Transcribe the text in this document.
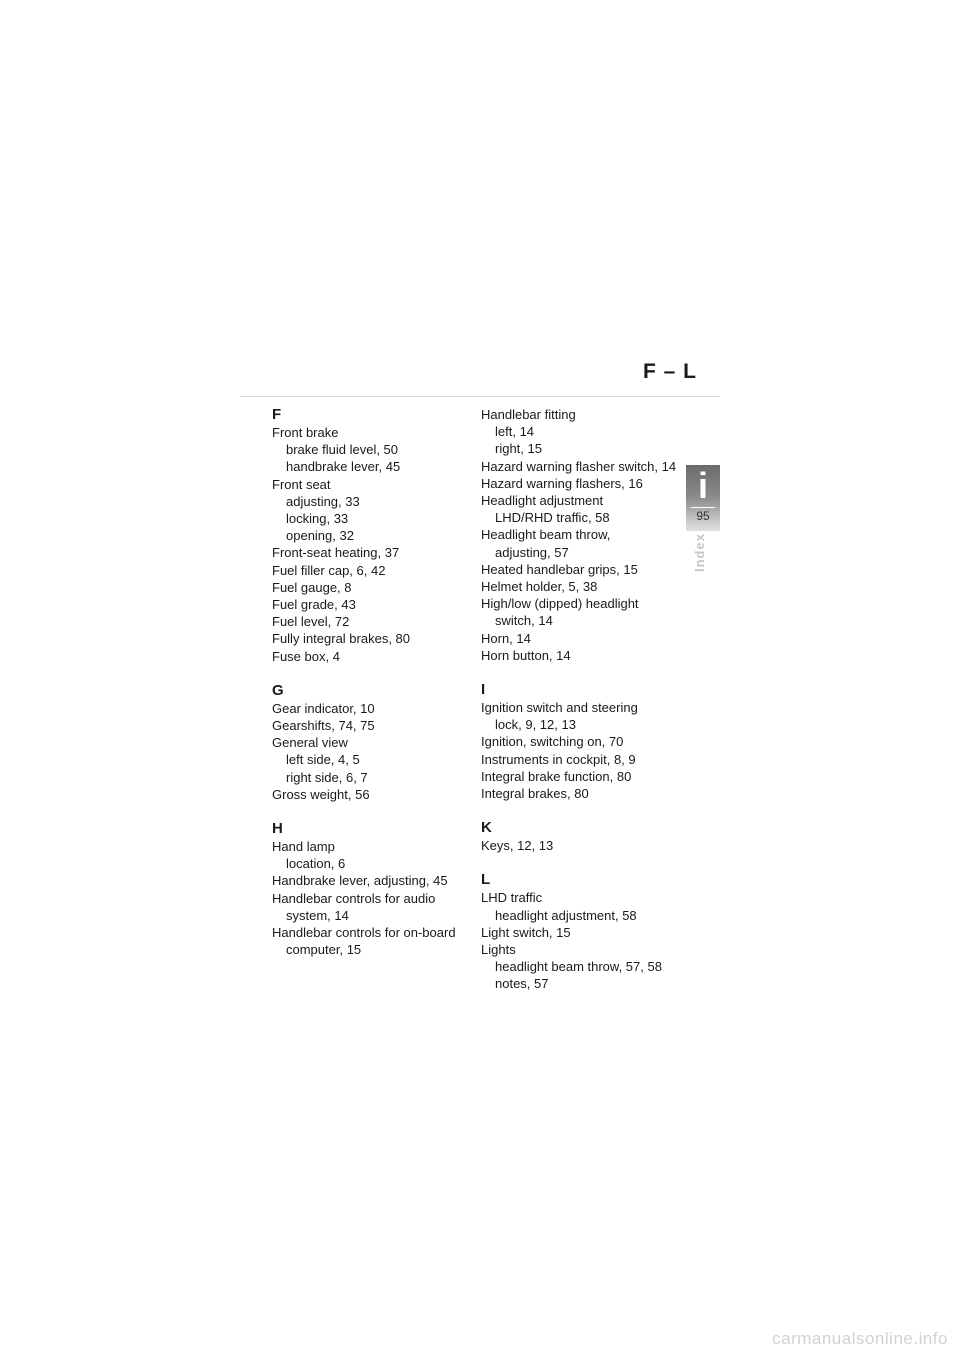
F – L
F
Front brake
brake fluid level, 50
handbrake lever, 45
Front seat
adjusting, 33
locking, 33
opening, 32
Front-seat heating, 37
Fuel filler cap, 6, 42
Fuel gauge, 8
Fuel grade, 43
Fuel level, 72
Fully integral brakes, 80
Fuse box, 4
G
Gear indicator, 10
Gearshifts, 74, 75
General view
left side, 4, 5
right side, 6, 7
Gross weight, 56
H
Hand lamp
location, 6
Handbrake lever, adjusting, 45
Handlebar controls for audio
system, 14
Handlebar controls for on-board
computer, 15
Handlebar fitting
left, 14
right, 15
Hazard warning flasher switch, 14
Hazard warning flashers, 16
Headlight adjustment
LHD/RHD traffic, 58
Headlight beam throw,
adjusting, 57
Heated handlebar grips, 15
Helmet holder, 5, 38
High/low (dipped) headlight
switch, 14
Horn, 14
Horn button, 14
I
Ignition switch and steering
lock, 9, 12, 13
Ignition, switching on, 70
Instruments in cockpit, 8, 9
Integral brake function, 80
Integral brakes, 80
K
Keys, 12, 13
L
LHD traffic
headlight adjustment, 58
Light switch, 15
Lights
headlight beam throw, 57, 58
notes, 57
i
95
Index
carmanualsonline.info
